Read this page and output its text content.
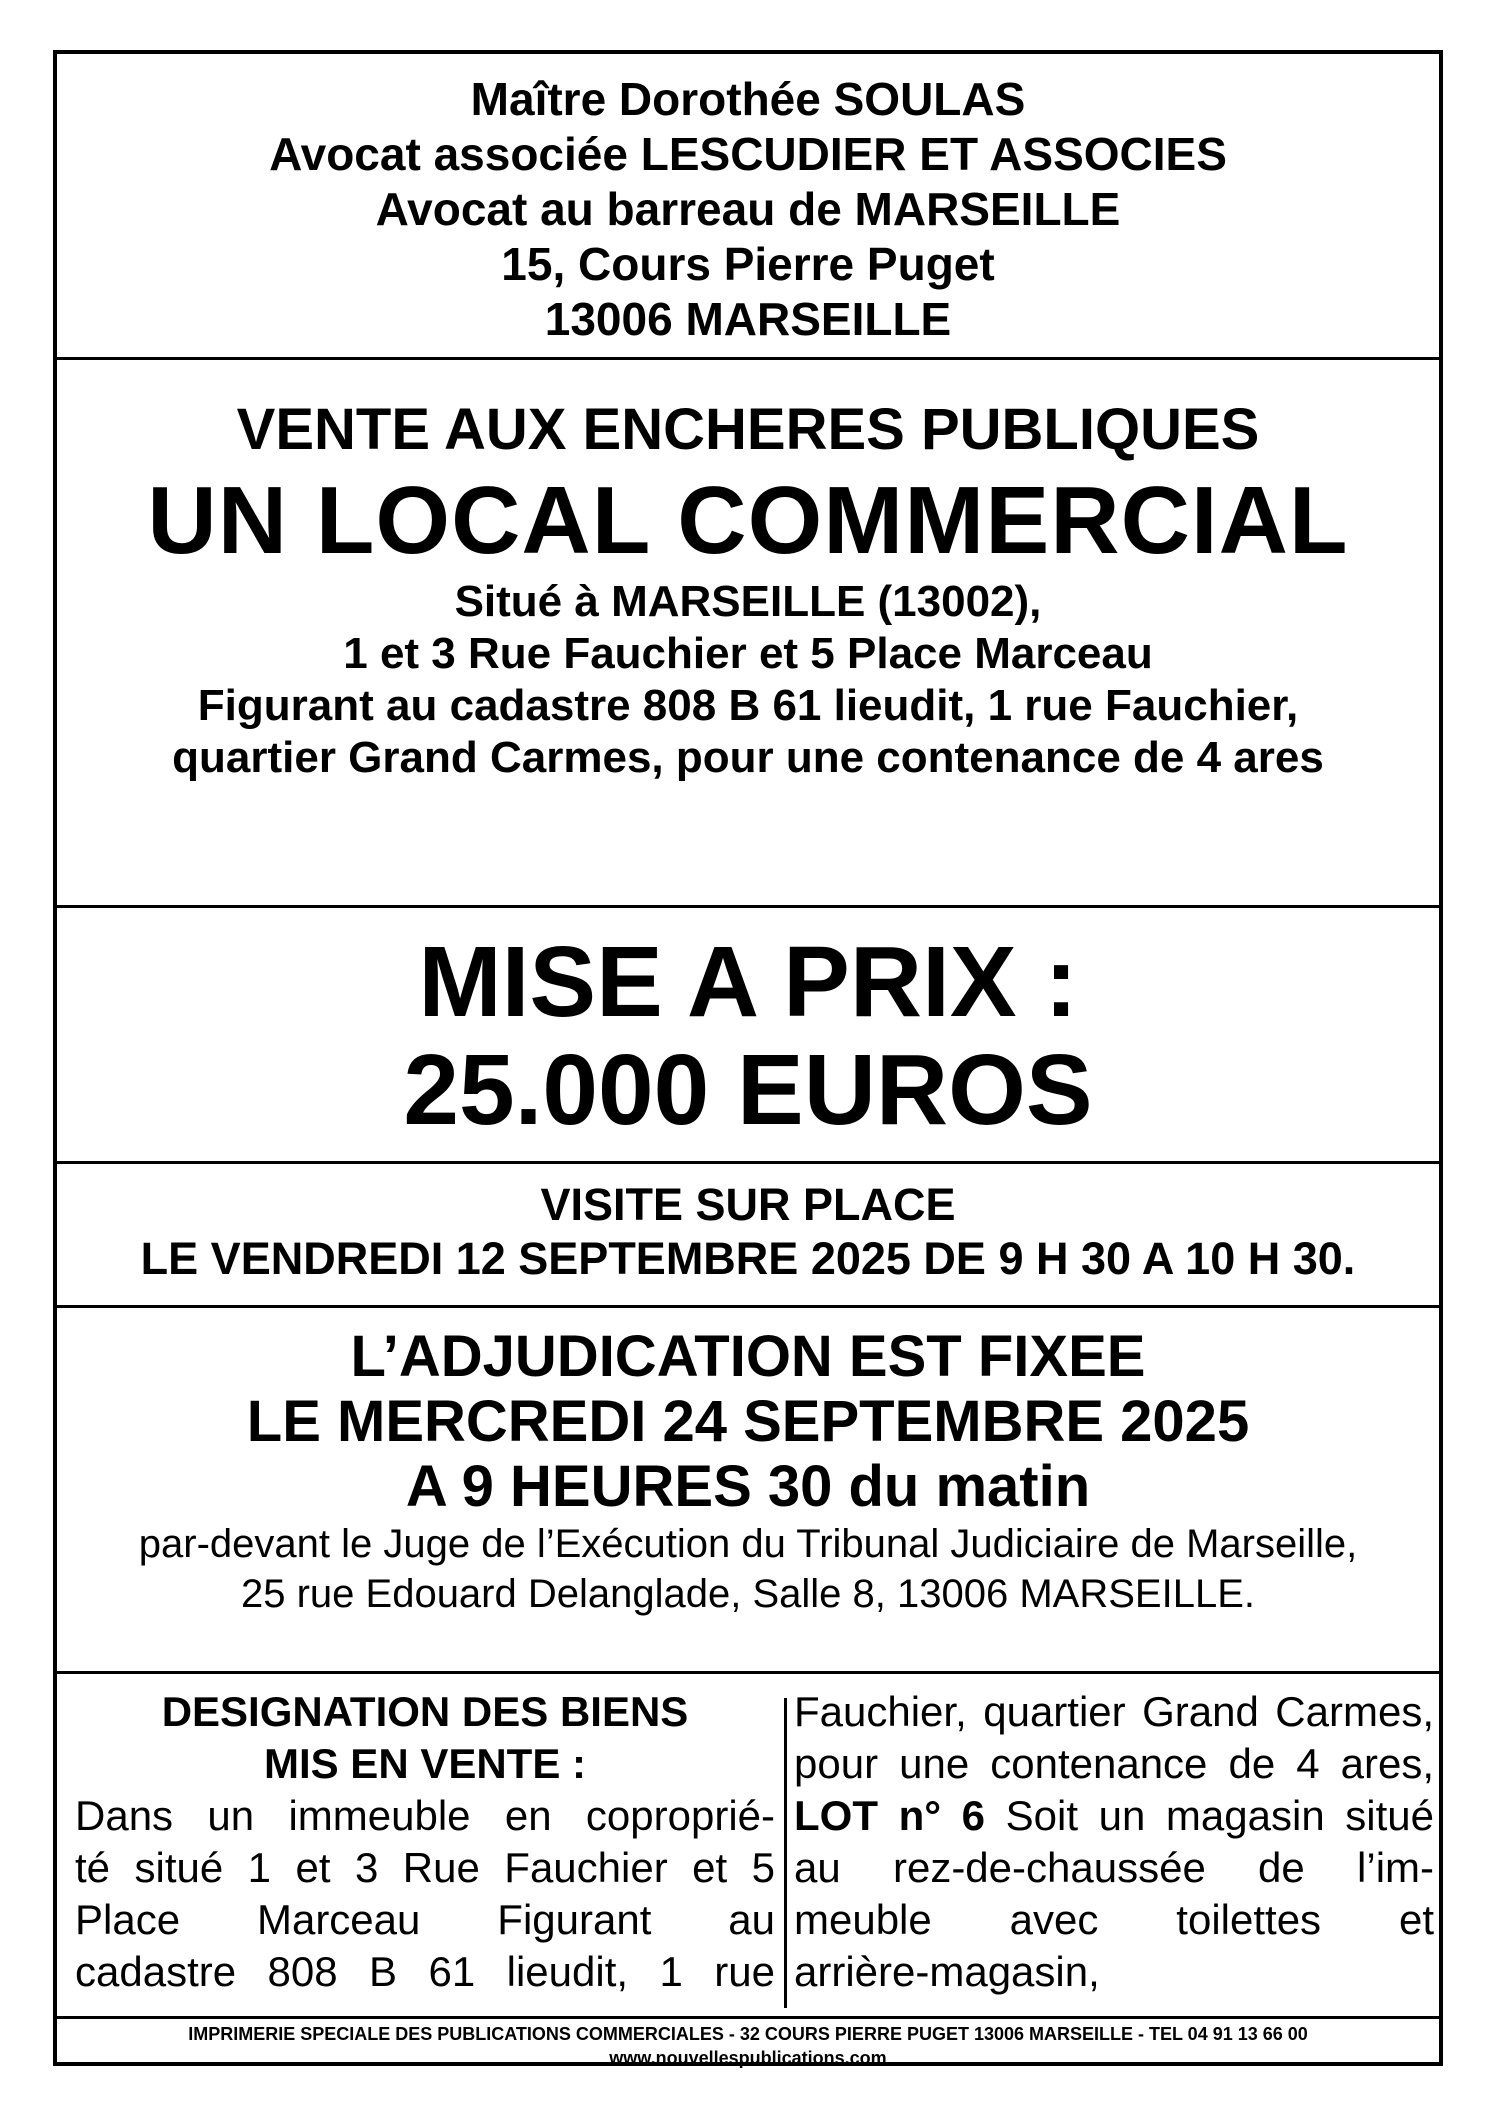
Maître Dorothée SOULAS
Avocat associée LESCUDIER ET ASSOCIES
Avocat au barreau de MARSEILLE
15, Cours Pierre Puget
13006 MARSEILLE
VENTE AUX ENCHERES PUBLIQUES
UN LOCAL COMMERCIAL
Situé à MARSEILLE (13002),
1 et 3 Rue Fauchier et 5 Place Marceau
Figurant au cadastre 808 B 61 lieudit, 1 rue Fauchier,
quartier Grand Carmes, pour une contenance de 4 ares
MISE A PRIX :
25.000 EUROS
VISITE SUR PLACE
LE VENDREDI 12 SEPTEMBRE 2025 DE 9 H 30 A 10 H 30.
L’ADJUDICATION EST FIXEE
LE MERCREDI 24 SEPTEMBRE 2025
A 9 HEURES 30 du matin
par-devant le Juge de l’Exécution du Tribunal Judiciaire de Marseille,
25 rue Edouard Delanglade, Salle 8, 13006 MARSEILLE.
DESIGNATION DES BIENS
MIS EN VENTE :
Dans un immeuble en coproprié-
té situé 1 et 3 Rue Fauchier et 5
Place Marceau Figurant au
cadastre 808 B 61 lieudit, 1 rue
Fauchier, quartier Grand Carmes,
pour une contenance de 4 ares,
LOT n° 6 Soit un magasin situé
au rez-de-chaussée de l’im-
meuble avec toilettes et
arrière-magasin,
IMPRIMERIE SPECIALE DES PUBLICATIONS COMMERCIALES - 32 COURS PIERRE PUGET 13006 MARSEILLE - TEL 04 91 13 66 00
www.nouvellespublications.com
